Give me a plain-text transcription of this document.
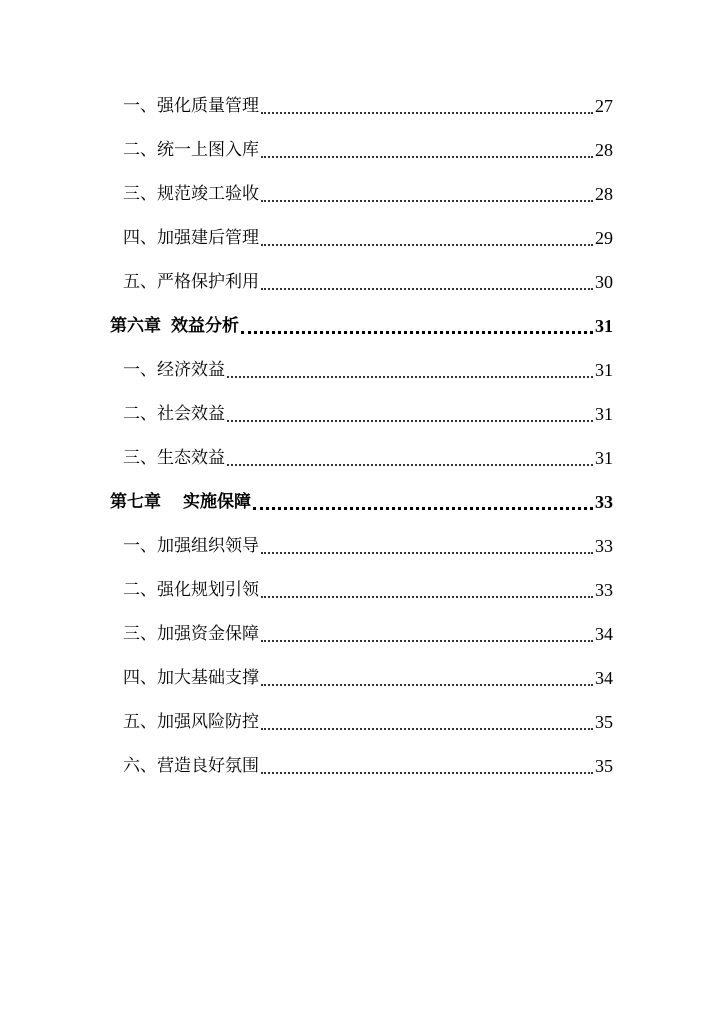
一、强化质量管理	27
二、统一上图入库	28
三、规范竣工验收	28
四、加强建后管理	29
五、严格保护利用	30
第六章 效益分析	31
一、经济效益	31
二、社会效益	31
三、生态效益	31
第七章 实施保障	33
一、加强组织领导	33
二、强化规划引领	33
三、加强资金保障	34
四、加大基础支撑	34
五、加强风险防控	35
六、营造良好氛围	35
